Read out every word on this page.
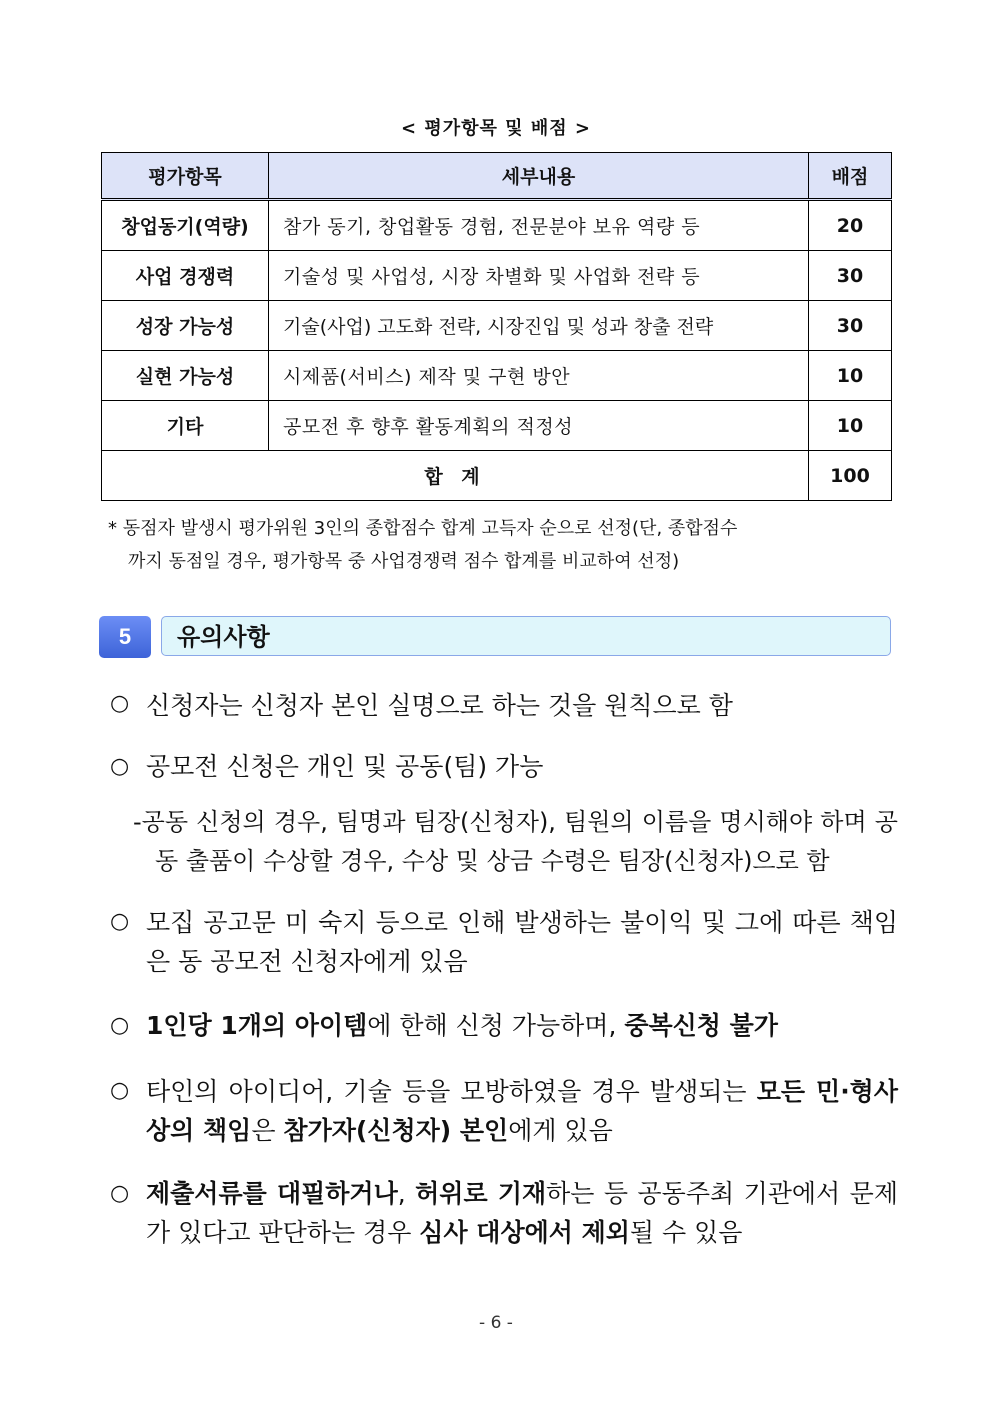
< 평가항목 및 배점 >
평가항목	세부내용	배점
창업동기(역량)	참가 동기, 창업활동 경험, 전문분야 보유 역량 등	20
사업 경쟁력	기술성 및 사업성, 시장 차별화 및 사업화 전략 등	30
성장 가능성	기술(사업) 고도화 전략, 시장진입 및 성과 창출 전략	30
실현 가능성	시제품(서비스) 제작 및 구현 방안	10
기타	공모전 후 향후 활동계획의 적정성	10
합 계		100
* 동점자 발생시 평가위원 3인의 종합점수 합계 고득자 순으로 선정(단, 종합점수
까지 동점일 경우, 평가항목 중 사업경쟁력 점수 합계를 비교하여 선정)
5	유의사항
○ 신청자는 신청자 본인 실명으로 하는 것을 원칙으로 함
○ 공모전 신청은 개인 및 공동(팀) 가능
-공동 신청의 경우, 팀명과 팀장(신청자), 팀원의 이름을 명시해야 하며 공동 출품이 수상할 경우, 수상 및 상금 수령은 팀장(신청자)으로 함
○ 모집 공고문 미 숙지 등으로 인해 발생하는 불이익 및 그에 따른 책임은 동 공모전 신청자에게 있음
○ 1인당 1개의 아이템에 한해 신청 가능하며, 중복신청 불가
○ 타인의 아이디어, 기술 등을 모방하였을 경우 발생되는 모든 민·형사상의 책임은 참가자(신청자) 본인에게 있음
○ 제출서류를 대필하거나, 허위로 기재하는 등 공동주최 기관에서 문제가 있다고 판단하는 경우 심사 대상에서 제외될 수 있음
- 6 -
